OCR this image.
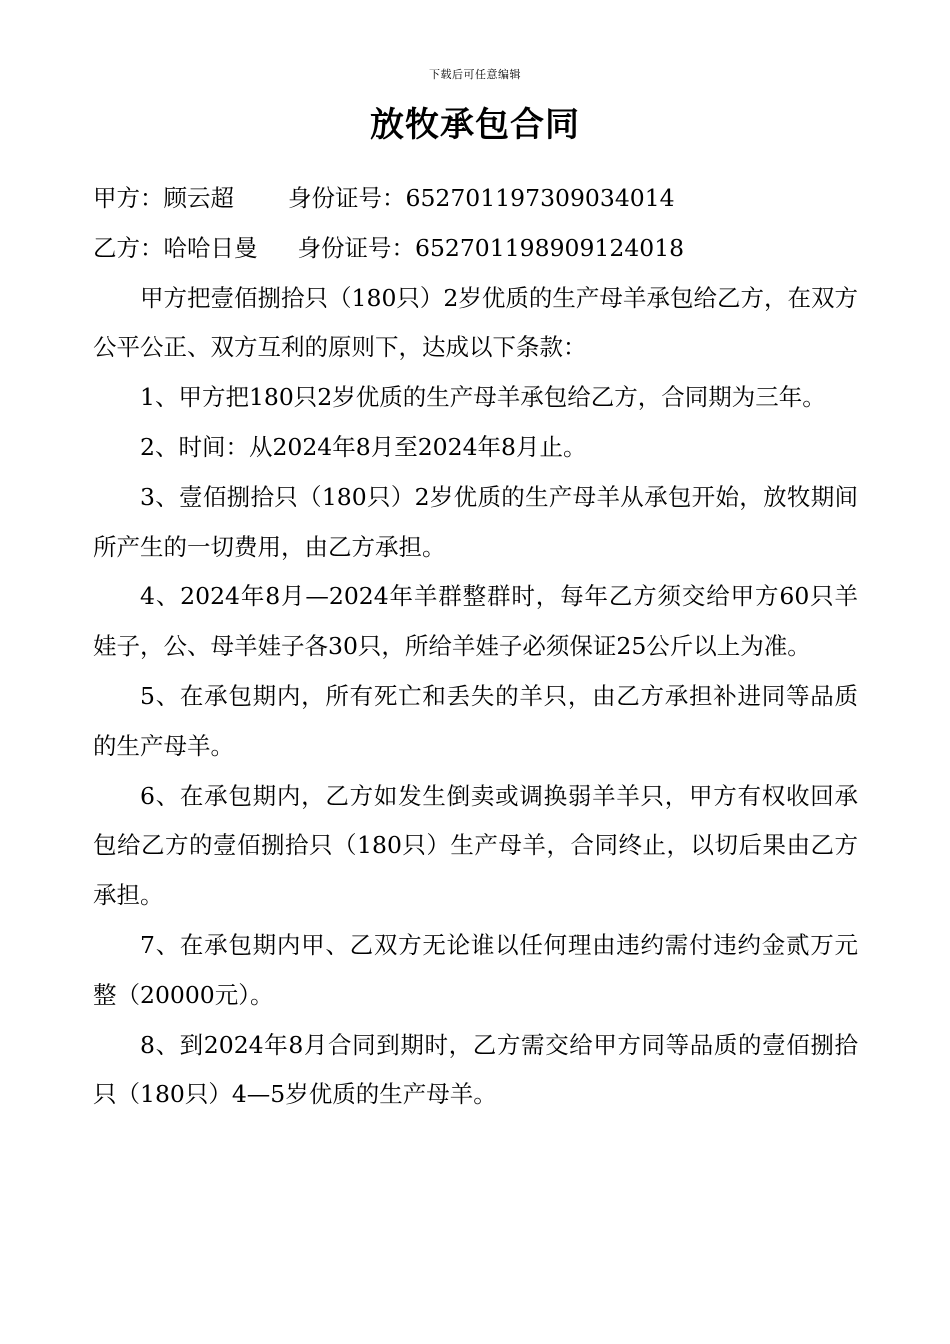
下载后可任意编辑
放牧承包合同
甲方：顾云超 身份证号：652701197309034014
乙方：哈哈日曼 身份证号：652701198909124018

甲方把壹佰捌拾只（180只）2岁优质的生产母羊承包给乙方，在双方公平公正、双方互利的原则下，达成以下条款：

1、甲方把180只2岁优质的生产母羊承包给乙方，合同期为三年。

2、时间：从2024年8月至2024年8月止。

3、壹佰捌拾只（180只）2岁优质的生产母羊从承包开始，放牧期间所产生的一切费用，由乙方承担。

4、2024年8月—2024年羊群整群时，每年乙方须交给甲方60只羊娃子，公、母羊娃子各30只，所给羊娃子必须保证25公斤以上为准。

5、在承包期内，所有死亡和丢失的羊只，由乙方承担补进同等品质的生产母羊。

6、在承包期内，乙方如发生倒卖或调换弱羊羊只，甲方有权收回承包给乙方的壹佰捌拾只（180只）生产母羊，合同终止，以切后果由乙方承担。

7、在承包期内甲、乙双方无论谁以任何理由违约需付违约金贰万元整（20000元）。

8、到2024年8月合同到期时，乙方需交给甲方同等品质的壹佰捌拾只（180只）4—5岁优质的生产母羊。
